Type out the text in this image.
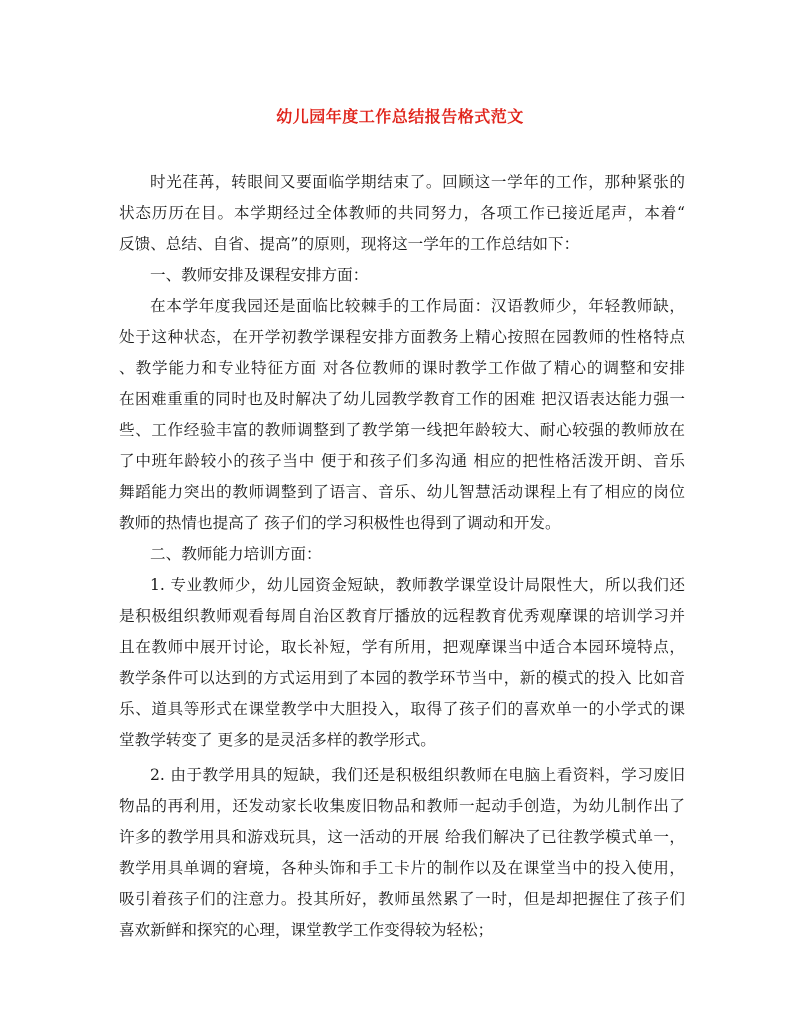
幼儿园年度工作总结报告格式范文
时光荏苒，转眼间又要面临学期结束了。回顾这一学年的工作，那种紧张的
状态历历在目。本学期经过全体教师的共同努力，各项工作已接近尾声，本着“
反馈、总结、自省、提高”的原则，现将这一学年的工作总结如下：
一、教师安排及课程安排方面：
在本学年度我园还是面临比较棘手的工作局面：汉语教师少，年轻教师缺，
处于这种状态，在开学初教学课程安排方面教务上精心按照在园教师的性格特点
、教学能力和专业特征方面 对各位教师的课时教学工作做了精心的调整和安排
在困难重重的同时也及时解决了幼儿园教学教育工作的困难 把汉语表达能力强一
些、工作经验丰富的教师调整到了教学第一线把年龄较大、耐心较强的教师放在
了中班年龄较小的孩子当中 便于和孩子们多沟通 相应的把性格活泼开朗、音乐
舞蹈能力突出的教师调整到了语言、音乐、幼儿智慧活动课程上有了相应的岗位
教师的热情也提高了 孩子们的学习积极性也得到了调动和开发。
二、教师能力培训方面：
1. 专业教师少，幼儿园资金短缺，教师教学课堂设计局限性大，所以我们还
是积极组织教师观看每周自治区教育厅播放的远程教育优秀观摩课的培训学习并
且在教师中展开讨论，取长补短，学有所用，把观摩课当中适合本园环境特点，
教学条件可以达到的方式运用到了本园的教学环节当中，新的模式的投入 比如音
乐、道具等形式在课堂教学中大胆投入，取得了孩子们的喜欢单一的小学式的课
堂教学转变了 更多的是灵活多样的教学形式。
2. 由于教学用具的短缺，我们还是积极组织教师在电脑上看资料，学习废旧
物品的再利用，还发动家长收集废旧物品和教师一起动手创造，为幼儿制作出了
许多的教学用具和游戏玩具，这一活动的开展 给我们解决了已往教学模式单一，
教学用具单调的窘境，各种头饰和手工卡片的制作以及在课堂当中的投入使用，
吸引着孩子们的注意力。投其所好，教师虽然累了一时，但是却把握住了孩子们
喜欢新鲜和探究的心理，课堂教学工作变得较为轻松；
